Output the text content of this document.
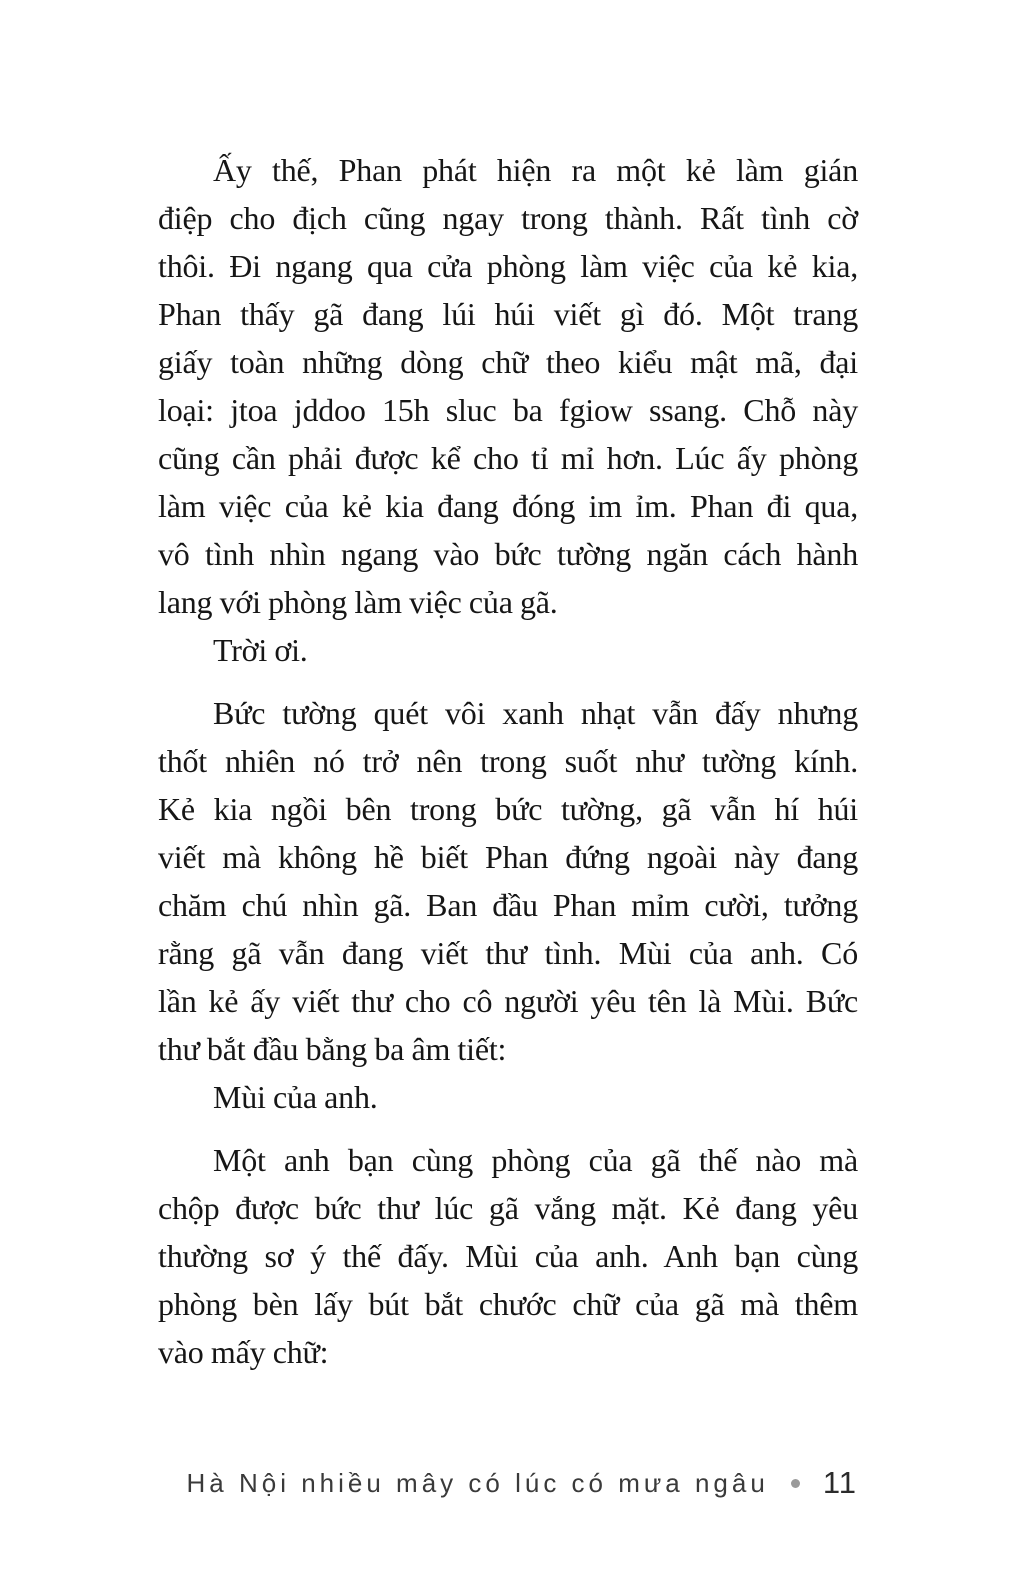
Ấy thế, Phan phát hiện ra một kẻ làm gián
điệp cho địch cũng ngay trong thành. Rất tình cờ
thôi. Đi ngang qua cửa phòng làm việc của kẻ kia,
Phan thấy gã đang lúi húi viết gì đó. Một trang
giấy toàn những dòng chữ theo kiểu mật mã, đại
loại: jtoa jddoo 15h sluc ba fgiow ssang. Chỗ này
cũng cần phải được kể cho tỉ mỉ hơn. Lúc ấy phòng
làm việc của kẻ kia đang đóng im ỉm. Phan đi qua,
vô tình nhìn ngang vào bức tường ngăn cách hành
lang với phòng làm việc của gã.
Trời ơi.
Bức tường quét vôi xanh nhạt vẫn đấy nhưng
thốt nhiên nó trở nên trong suốt như tường kính.
Kẻ kia ngồi bên trong bức tường, gã vẫn hí húi
viết mà không hề biết Phan đứng ngoài này đang
chăm chú nhìn gã. Ban đầu Phan mỉm cười, tưởng
rằng gã vẫn đang viết thư tình. Mùi của anh. Có
lần kẻ ấy viết thư cho cô người yêu tên là Mùi. Bức
thư bắt đầu bằng ba âm tiết:
Mùi của anh.
Một anh bạn cùng phòng của gã thế nào mà
chộp được bức thư lúc gã vắng mặt. Kẻ đang yêu
thường sơ ý thế đấy. Mùi của anh. Anh bạn cùng
phòng bèn lấy bút bắt chước chữ của gã mà thêm
vào mấy chữ:
Hà Nội nhiều mây có lúc có mưa ngâu 11
